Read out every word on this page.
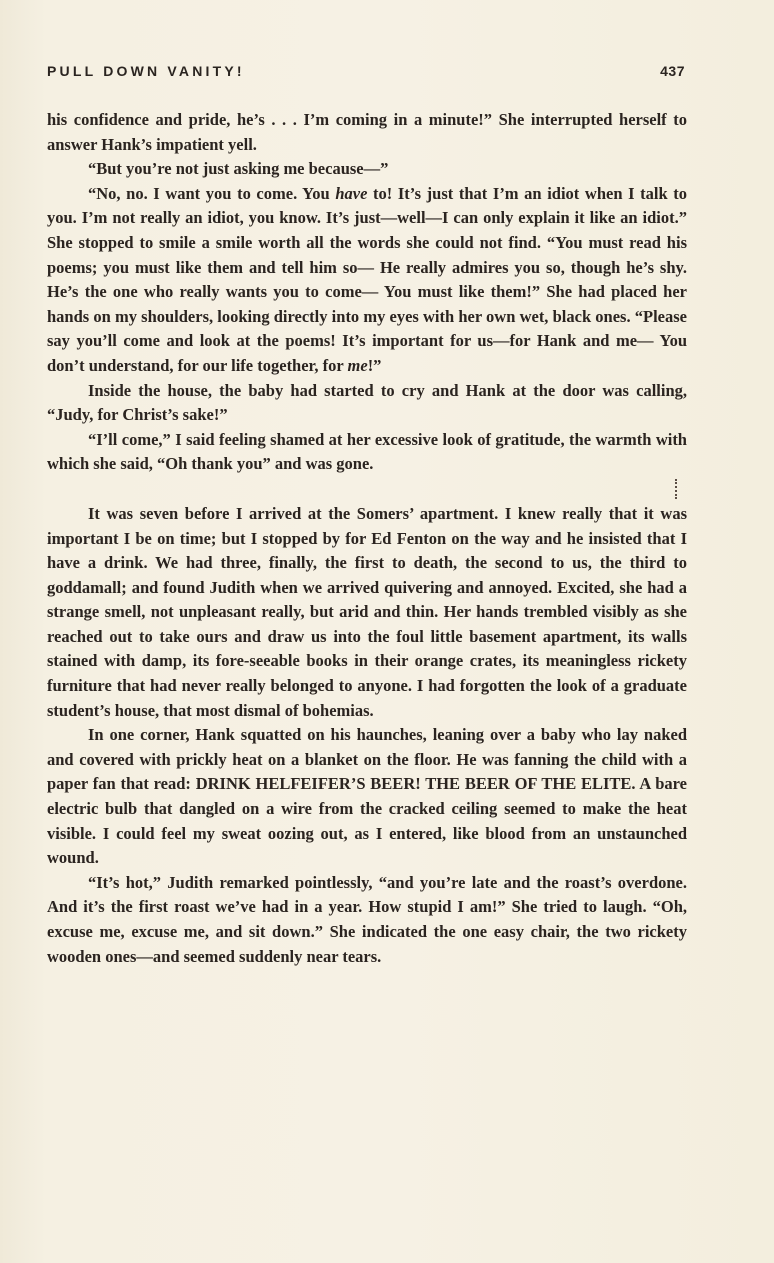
PULL DOWN VANITY!	437

his confidence and pride, he’s . . . I’m coming in a minute!” She interrupted herself to answer Hank’s impatient yell.

“But you’re not just asking me because—”

“No, no. I want you to come. You have to! It’s just that I’m an idiot when I talk to you. I’m not really an idiot, you know. It’s just—well—I can only explain it like an idiot.” She stopped to smile a smile worth all the words she could not find. “You must read his poems; you must like them and tell him so— He really admires you so, though he’s shy. He’s the one who really wants you to come— You must like them!” She had placed her hands on my shoulders, looking directly into my eyes with her own wet, black ones. “Please say you’ll come and look at the poems! It’s important for us—for Hank and me— You don’t understand, for our life together, for me!”

Inside the house, the baby had started to cry and Hank at the door was calling, “Judy, for Christ’s sake!”

“I’ll come,” I said feeling shamed at her excessive look of gratitude, the warmth with which she said, “Oh thank you” and was gone.

It was seven before I arrived at the Somers’ apartment. I knew really that it was important I be on time; but I stopped by for Ed Fenton on the way and he insisted that I have a drink. We had three, finally, the first to death, the second to us, the third to goddamall; and found Judith when we arrived quivering and annoyed. Excited, she had a strange smell, not unpleasant really, but arid and thin. Her hands trembled visibly as she reached out to take ours and draw us into the foul little basement apartment, its walls stained with damp, its fore-seeable books in their orange crates, its meaningless rickety furniture that had never really belonged to anyone. I had forgotten the look of a graduate student’s house, that most dismal of bohemias.

In one corner, Hank squatted on his haunches, leaning over a baby who lay naked and covered with prickly heat on a blanket on the floor. He was fanning the child with a paper fan that read: DRINK HELFEIFER’S BEER! THE BEER OF THE ELITE. A bare electric bulb that dangled on a wire from the cracked ceiling seemed to make the heat visible. I could feel my sweat oozing out, as I entered, like blood from an unstaunched wound.

“It’s hot,” Judith remarked pointlessly, “and you’re late and the roast’s overdone. And it’s the first roast we’ve had in a year. How stupid I am!” She tried to laugh. “Oh, excuse me, excuse me, and sit down.” She indicated the one easy chair, the two rickety wooden ones—and seemed suddenly near tears.
